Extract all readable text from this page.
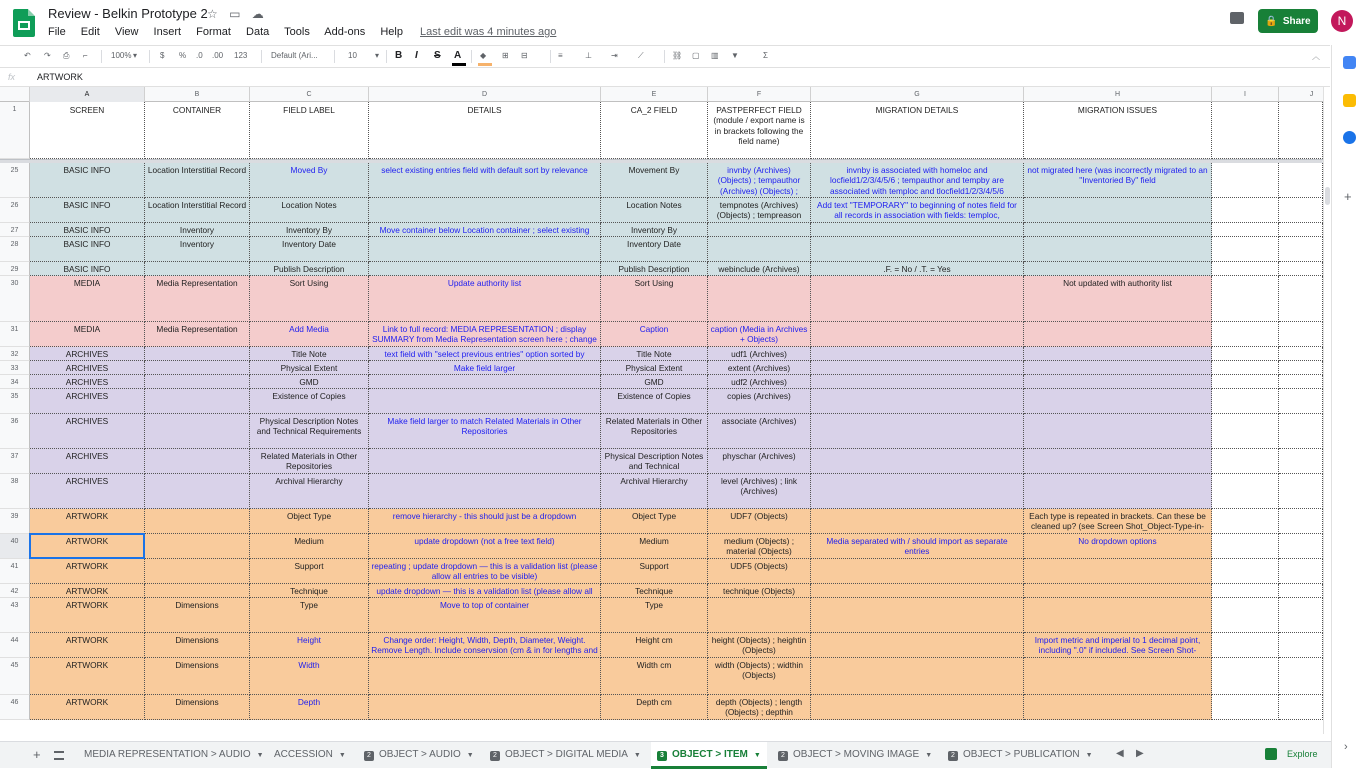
Review - Belkin Prototype 2 ☆ ▭ ☁
File Edit View Insert Format Data Tools Add-ons Help Last edit was 4 minutes ago
🔒 Share	N
↶ ↷ ⎙ ⌐	100% ▾	$ % .0 .00 123	Default (Ari...	10 ▾ B I S A ◆ ⊞ ⊟	≡	⊥ ⇥	⟋	⛓ ▢ ▥ ▼	Σ	︿
fx ARTWORK
+
›
A	B	C	D	E	F	G	H	I	J
1	SCREEN	CONTAINER	FIELD LABEL	DETAILS	CA_2 FIELD	PASTPERFECT FIELD (module / export name is in brackets following the field name)
MIGRATION DETAILS	MIGRATION ISSUES
25	BASIC INFO	Location Interstitial Record	Moved By	select existing entries field with default sort by relevance	Movement By	invnby (Archives) (Objects) ; tempauthor (Archives) (Objects) ;
invnby is associated with homeloc and locfield1/2/3/4/5/6 ; tempauthor and tempby are associated with temploc and tlocfield1/2/3/4/5/6
not migrated here (was incorrectly migrated to an "Inventoried By" field
26	BASIC INFO	Location Interstitial Record	Location Notes	Location Notes	tempnotes (Archives) (Objects) ; tempreason
Add text "TEMPORARY" to beginning of notes field for all records in association with fields: temploc,
27	BASIC INFO	Inventory	Inventory By	Move container below Location container ; select existing	Inventory By
28	BASIC INFO	Inventory	Inventory Date	Inventory Date
29	BASIC INFO	Publish Description	Publish Description	webinclude (Archives)	.F. = No / .T. = Yes
30	MEDIA	Media Representation	Sort Using	Update authority list	Sort Using	Not updated with authority list
31	MEDIA	Media Representation	Add Media	Link to full record: MEDIA REPRESENTATION ; display SUMMARY from Media Representation screen here ; change
Caption	caption (Media in Archives + Objects)
32	ARCHIVES	Title Note	text field with "select previous entries" option sorted by	Title Note	udf1 (Archives)
33	ARCHIVES	Physical Extent	Make field larger	Physical Extent	extent (Archives)
34	ARCHIVES	GMD	GMD	udf2 (Archives)
35	ARCHIVES	Existence of Copies	Existence of Copies	copies (Archives)
36	ARCHIVES	Physical Description Notes and Technical Requirements
Make field larger to match Related Materials in Other Repositories
Related Materials in Other Repositories
associate (Archives)
37	ARCHIVES	Related Materials in Other Repositories
Physical Description Notes and Technical
physchar (Archives)
38	ARCHIVES	Archival Hierarchy	Archival Hierarchy	level (Archives) ; link (Archives)
39	ARTWORK	Object Type	remove hierarchy - this should just be a dropdown	Object Type	UDF7 (Objects)	Each type is repeated in brackets. Can these be cleaned up? (see Screen Shot_Object-Type-in-
40	ARTWORK	Medium	update dropdown (not a free text field)	Medium	medium (Objects) ; material (Objects)
Media separated with / should import as separate entries
No dropdown options
41	ARTWORK	Support	repeating ; update dropdown — this is a validation list (please allow all entries to be visible)
Support	UDF5 (Objects)
42	ARTWORK	Technique	update dropdown — this is a validation list (please allow all	Technique	technique (Objects)
43	ARTWORK	Dimensions	Type	Move to top of container	Type
44	ARTWORK	Dimensions	Height	Change order: Height, Width, Depth, Diameter, Weight. Remove Length. Include conservsion (cm & in for lengths and
Height cm	height (Objects) ; heightin (Objects)
Import metric and imperial to 1 decimal point, including ".0" if included. See Screen Shot-
45	ARTWORK	Dimensions	Width	Width cm	width (Objects) ; widthin (Objects)
46	ARTWORK	Dimensions	Depth	Depth cm	depth (Objects) ; length (Objects) ; depthin
+	MEDIA REPRESENTATION > AUDIO ▼	ACCESSION ▼	2 OBJECT > AUDIO ▼	2 OBJECT > DIGITAL MEDIA ▼	3 OBJECT > ITEM ▼	2 OBJECT > MOVING IMAGE ▼	2 OBJECT > PUBLICATION ▼	◀ ▶	Explore
